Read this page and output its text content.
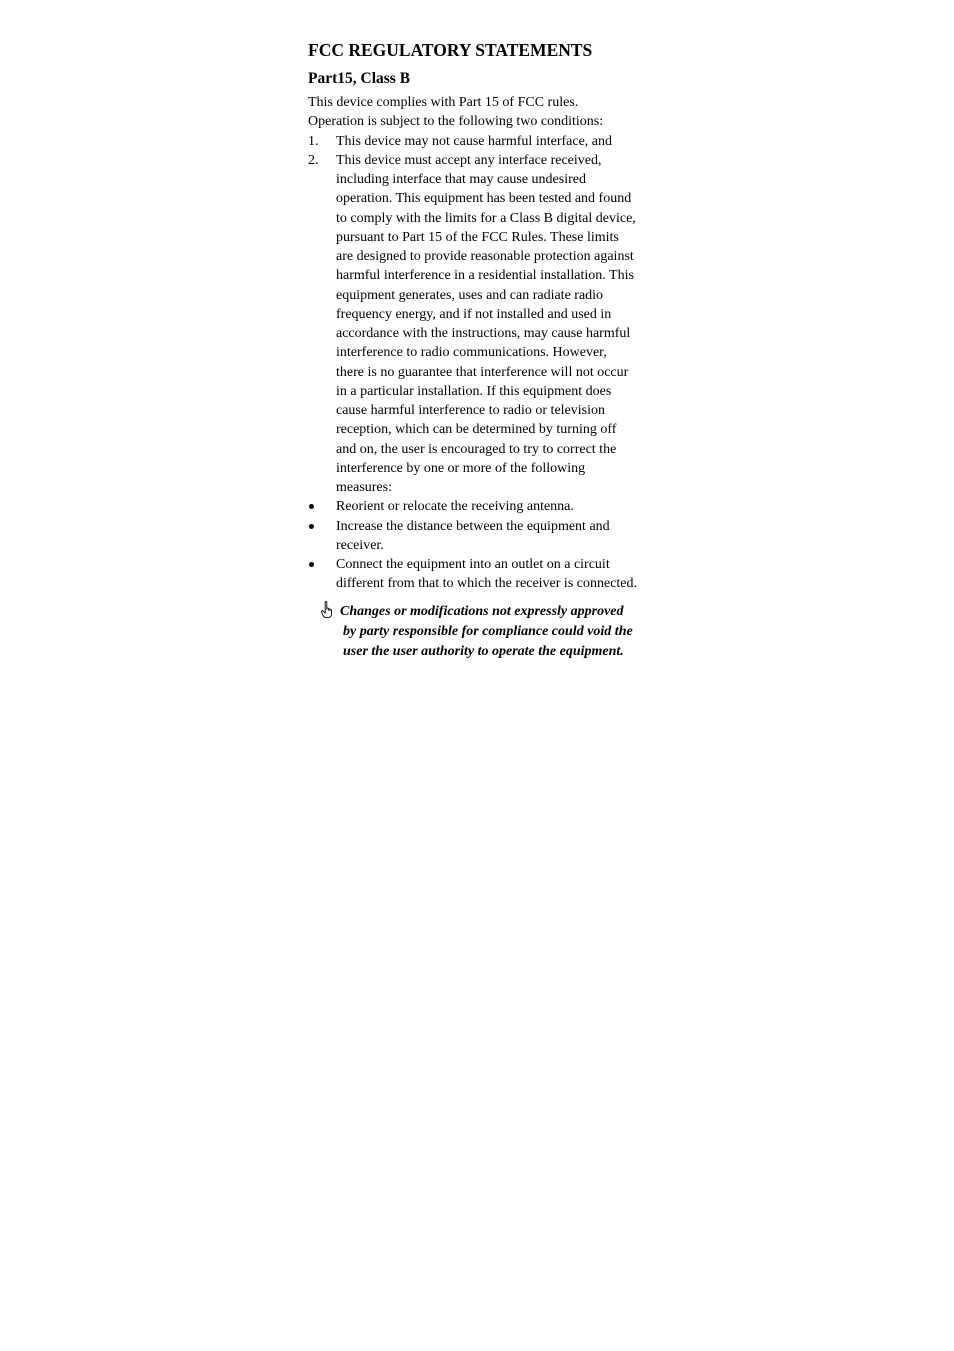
FCC REGULATORY STATEMENTS
Part15, Class B

This device complies with Part 15 of FCC rules.
Operation is subject to the following two conditions:

1.	This device may not cause harmful interface, and
2.	This device must accept any interface received,
including interface that may cause undesired
operation. This equipment has been tested and found
to comply with the limits for a Class B digital device,
pursuant to Part 15 of the FCC Rules. These limits
are designed to provide reasonable protection against
harmful interference in a residential installation. This
equipment generates, uses and can radiate radio
frequency energy, and if not installed and used in
accordance with the instructions, may cause harmful
interference to radio communications. However,
there is no guarantee that interference will not occur
in a particular installation. If this equipment does
cause harmful interference to radio or television
reception, which can be determined by turning off
and on, the user is encouraged to try to correct the
interference by one or more of the following
measures:
Reorient or relocate the receiving antenna.
Increase the distance between the equipment and
receiver.
Connect the equipment into an outlet on a circuit
different from that to which the receiver is connected.
Changes or modifications not expressly approved
by party responsible for compliance could void the
user the user authority to operate the equipment.
